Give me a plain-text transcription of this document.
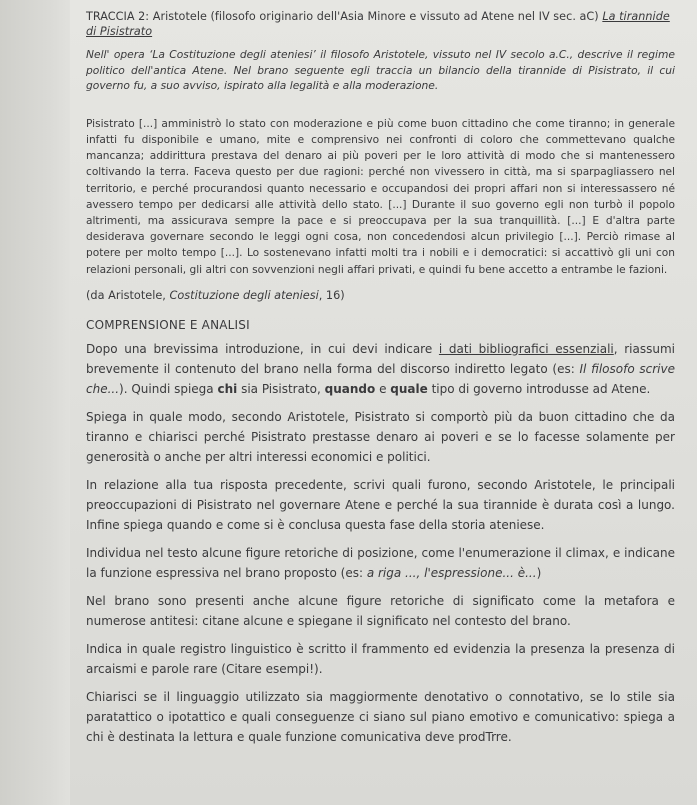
TRACCIA 2: Aristotele (filosofo originario dell'Asia Minore e vissuto ad Atene nel IV sec. aC) La tirannide di Pisistrato

Nell' opera ‘La Costituzione degli ateniesi’ il filosofo Aristotele, vissuto nel IV secolo a.C., descrive il regime politico dell'antica Atene. Nel brano seguente egli traccia un bilancio della tirannide di Pisistrato, il cui governo fu, a suo avviso, ispirato alla legalità e alla moderazione.

Pisistrato [...] amministrò lo stato con moderazione e più come buon cittadino che come tiranno; in generale infatti fu disponibile e umano, mite e comprensivo nei confronti di coloro che commettevano qualche mancanza; addirittura prestava del denaro ai più poveri per le loro attività di modo che si mantenessero coltivando la terra. Faceva questo per due ragioni: perché non vivessero in città, ma si sparpagliassero nel territorio, e perché procurandosi quanto necessario e occupandosi dei propri affari non si interessassero né avessero tempo per dedicarsi alle attività dello stato. [...] Durante il suo governo egli non turbò il popolo altrimenti, ma assicurava sempre la pace e si preoccupava per la sua tranquillità. [...] E d'altra parte desiderava governare secondo le leggi ogni cosa, non concedendosi alcun privilegio [...]. Perciò rimase al potere per molto tempo [...]. Lo sostenevano infatti molti tra i nobili e i democratici: si accattivò gli uni con relazioni personali, gli altri con sovvenzioni negli affari privati, e quindi fu bene accetto a entrambe le fazioni.

(da Aristotele, Costituzione degli ateniesi, 16)

COMPRENSIONE E ANALISI

Dopo una brevissima introduzione, in cui devi indicare i dati bibliografici essenziali, riassumi brevemente il contenuto del brano nella forma del discorso indiretto legato (es: Il filosofo scrive che...). Quindi spiega chi sia Pisistrato, quando e quale tipo di governo introdusse ad Atene.

Spiega in quale modo, secondo Aristotele, Pisistrato si comportò più da buon cittadino che da tiranno e chiarisci perché Pisistrato prestasse denaro ai poveri e se lo facesse solamente per generosità o anche per altri interessi economici e politici.

In relazione alla tua risposta precedente, scrivi quali furono, secondo Aristotele, le principali preoccupazioni di Pisistrato nel governare Atene e perché la sua tirannide è durata così a lungo. Infine spiega quando e come si è conclusa questa fase della storia ateniese.

Individua nel testo alcune figure retoriche di posizione, come l'enumerazione il climax, e indicane la funzione espressiva nel brano proposto (es: a riga ..., l'espressione... è...)

Nel brano sono presenti anche alcune figure retoriche di significato come la metafora e numerose antitesi: citane alcune e spiegane il significato nel contesto del brano.

Indica in quale registro linguistico è scritto il frammento ed evidenzia la presenza la presenza di arcaismi e parole rare (Citare esempi!).

Chiarisci se il linguaggio utilizzato sia maggiormente denotativo o connotativo, se lo stile sia paratattico o ipotattico e quali conseguenze ci siano sul piano emotivo e comunicativo: spiega a chi è destinata la lettura e quale funzione comunicativa deve prodTrre.
